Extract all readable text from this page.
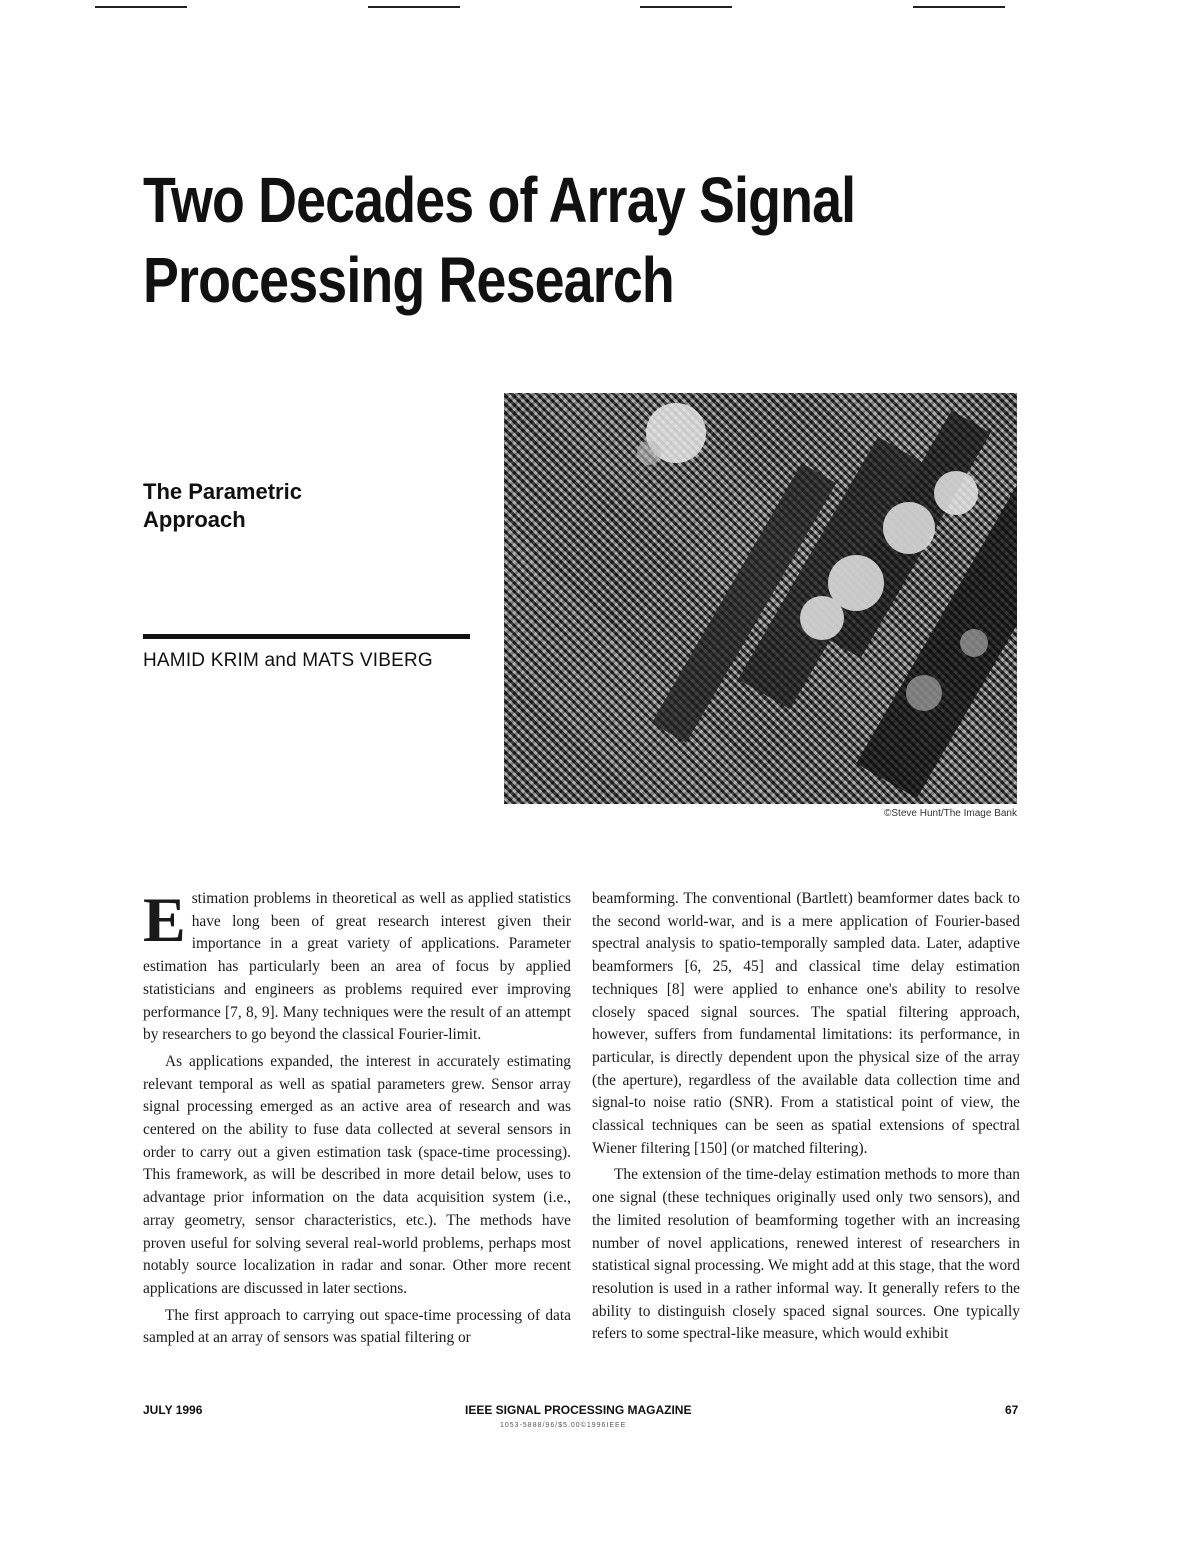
Two Decades of Array Signal Processing Research
The Parametric Approach
HAMID KRIM and MATS VIBERG
©Steve Hunt/The Image Bank

Estimation problems in theoretical as well as applied statistics have long been of great research interest given their importance in a great variety of applications. Parameter estimation has particularly been an area of focus by applied statisticians and engineers as problems required ever improving performance [7, 8, 9]. Many techniques were the result of an attempt by researchers to go beyond the classical Fourier-limit.

As applications expanded, the interest in accurately estimating relevant temporal as well as spatial parameters grew. Sensor array signal processing emerged as an active area of research and was centered on the ability to fuse data collected at several sensors in order to carry out a given estimation task (space-time processing). This framework, as will be described in more detail below, uses to advantage prior information on the data acquisition system (i.e., array geometry, sensor characteristics, etc.). The methods have proven useful for solving several real-world problems, perhaps most notably source localization in radar and sonar. Other more recent applications are discussed in later sections.

The first approach to carrying out space-time processing of data sampled at an array of sensors was spatial filtering or

beamforming. The conventional (Bartlett) beamformer dates back to the second world-war, and is a mere application of Fourier-based spectral analysis to spatio-temporally sampled data. Later, adaptive beamformers [6, 25, 45] and classical time delay estimation techniques [8] were applied to enhance one's ability to resolve closely spaced signal sources. The spatial filtering approach, however, suffers from fundamental limitations: its performance, in particular, is directly dependent upon the physical size of the array (the aperture), regardless of the available data collection time and signal-to noise ratio (SNR). From a statistical point of view, the classical techniques can be seen as spatial extensions of spectral Wiener filtering [150] (or matched filtering).

The extension of the time-delay estimation methods to more than one signal (these techniques originally used only two sensors), and the limited resolution of beamforming together with an increasing number of novel applications, renewed interest of researchers in statistical signal processing. We might add at this stage, that the word resolution is used in a rather informal way. It generally refers to the ability to distinguish closely spaced signal sources. One typically refers to some spectral-like measure, which would exhibit

JULY 1996	IEEE SIGNAL PROCESSING MAGAZINE	67
1053-5888/96/$5.00©1996IEEE
